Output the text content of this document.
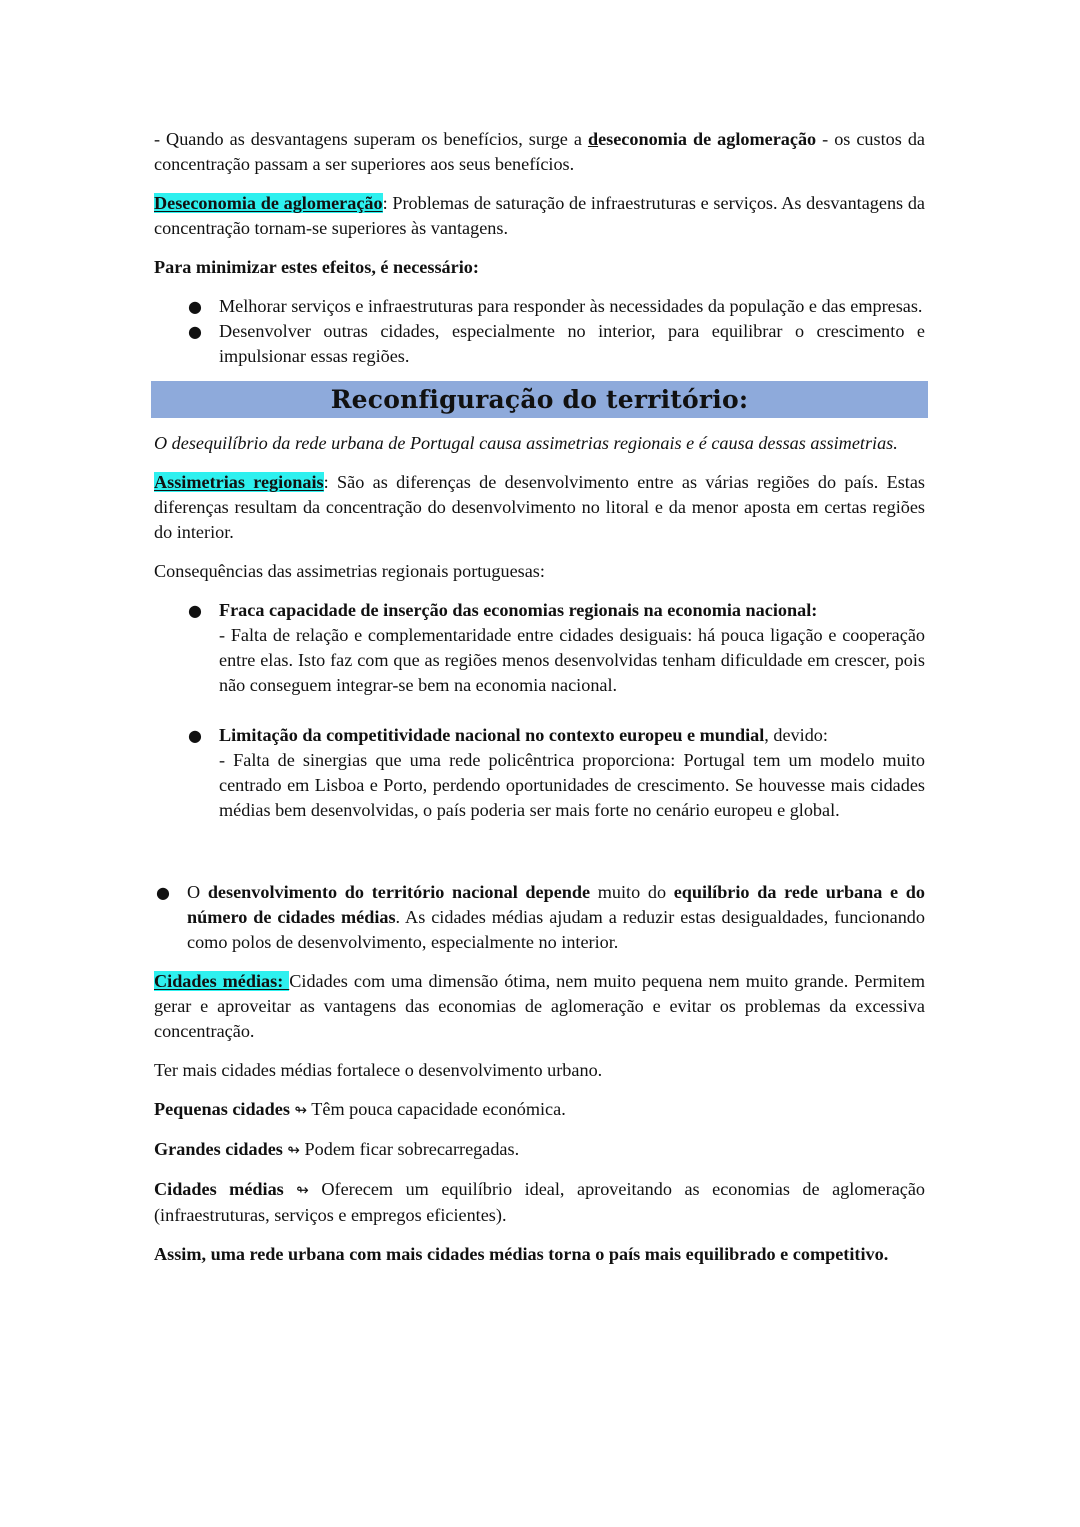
- Quando as desvantagens superam os benefícios, surge a deseconomia de aglomeração - os custos da concentração passam a ser superiores aos seus benefícios.

Deseconomia de aglomeração: Problemas de saturação de infraestruturas e serviços. As desvantagens da concentração tornam-se superiores às vantagens.

Para minimizar estes efeitos, é necessário:

● Melhorar serviços e infraestruturas para responder às necessidades da população e das empresas.
● Desenvolver outras cidades, especialmente no interior, para equilibrar o crescimento e impulsionar essas regiões.
Reconfiguração do território:

O desequilíbrio da rede urbana de Portugal causa assimetrias regionais e é causa dessas assimetrias.

Assimetrias regionais: São as diferenças de desenvolvimento entre as várias regiões do país. Estas diferenças resultam da concentração do desenvolvimento no litoral e da menor aposta em certas regiões do interior.

Consequências das assimetrias regionais portuguesas:

● Fraca capacidade de inserção das economias regionais na economia nacional:
- Falta de relação e complementaridade entre cidades desiguais: há pouca ligação e cooperação entre elas. Isto faz com que as regiões menos desenvolvidas tenham dificuldade em crescer, pois não conseguem integrar-se bem na economia nacional.
● Limitação da competitividade nacional no contexto europeu e mundial, devido:
- Falta de sinergias que uma rede policêntrica proporciona: Portugal tem um modelo muito centrado em Lisboa e Porto, perdendo oportunidades de crescimento. Se houvesse mais cidades médias bem desenvolvidas, o país poderia ser mais forte no cenário europeu e global.
● O desenvolvimento do território nacional depende muito do equilíbrio da rede urbana e do número de cidades médias. As cidades médias ajudam a reduzir estas desigualdades, funcionando como polos de desenvolvimento, especialmente no interior.

Cidades médias: Cidades com uma dimensão ótima, nem muito pequena nem muito grande. Permitem gerar e aproveitar as vantagens das economias de aglomeração e evitar os problemas da excessiva concentração.

Ter mais cidades médias fortalece o desenvolvimento urbano.

Pequenas cidades ↬ Têm pouca capacidade económica.

Grandes cidades ↬ Podem ficar sobrecarregadas.

Cidades médias ↬ Oferecem um equilíbrio ideal, aproveitando as economias de aglomeração (infraestruturas, serviços e empregos eficientes).

Assim, uma rede urbana com mais cidades médias torna o país mais equilibrado e competitivo.
